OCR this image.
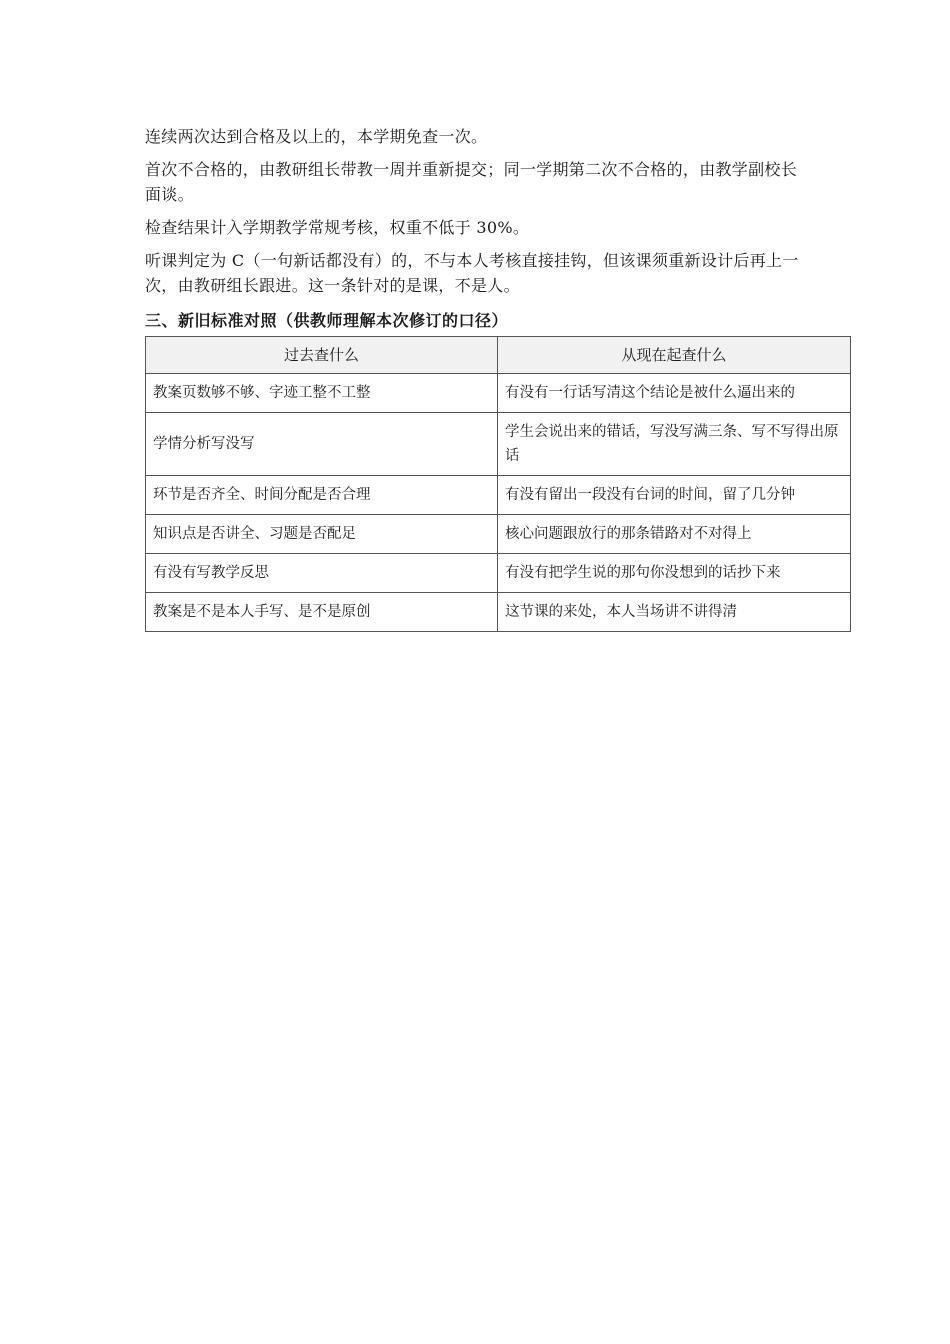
连续两次达到合格及以上的，本学期免查一次。

首次不合格的，由教研组长带教一周并重新提交；同一学期第二次不合格的，由教学副校长面谈。

检查结果计入学期教学常规考核，权重不低于 30%。

听课判定为 C（一句新话都没有）的，不与本人考核直接挂钩，但该课须重新设计后再上一次，由教研组长跟进。这一条针对的是课，不是人。

三、新旧标准对照（供教师理解本次修订的口径）
过去查什么	从现在起查什么
教案页数够不够、字迹工整不工整	有没有一行话写清这个结论是被什么逼出来的
学情分析写没写	学生会说出来的错话，写没写满三条、写不写得出原话
环节是否齐全、时间分配是否合理	有没有留出一段没有台词的时间，留了几分钟
知识点是否讲全、习题是否配足	核心问题跟放行的那条错路对不对得上
有没有写教学反思	有没有把学生说的那句你没想到的话抄下来
教案是不是本人手写、是不是原创	这节课的来处，本人当场讲不讲得清
